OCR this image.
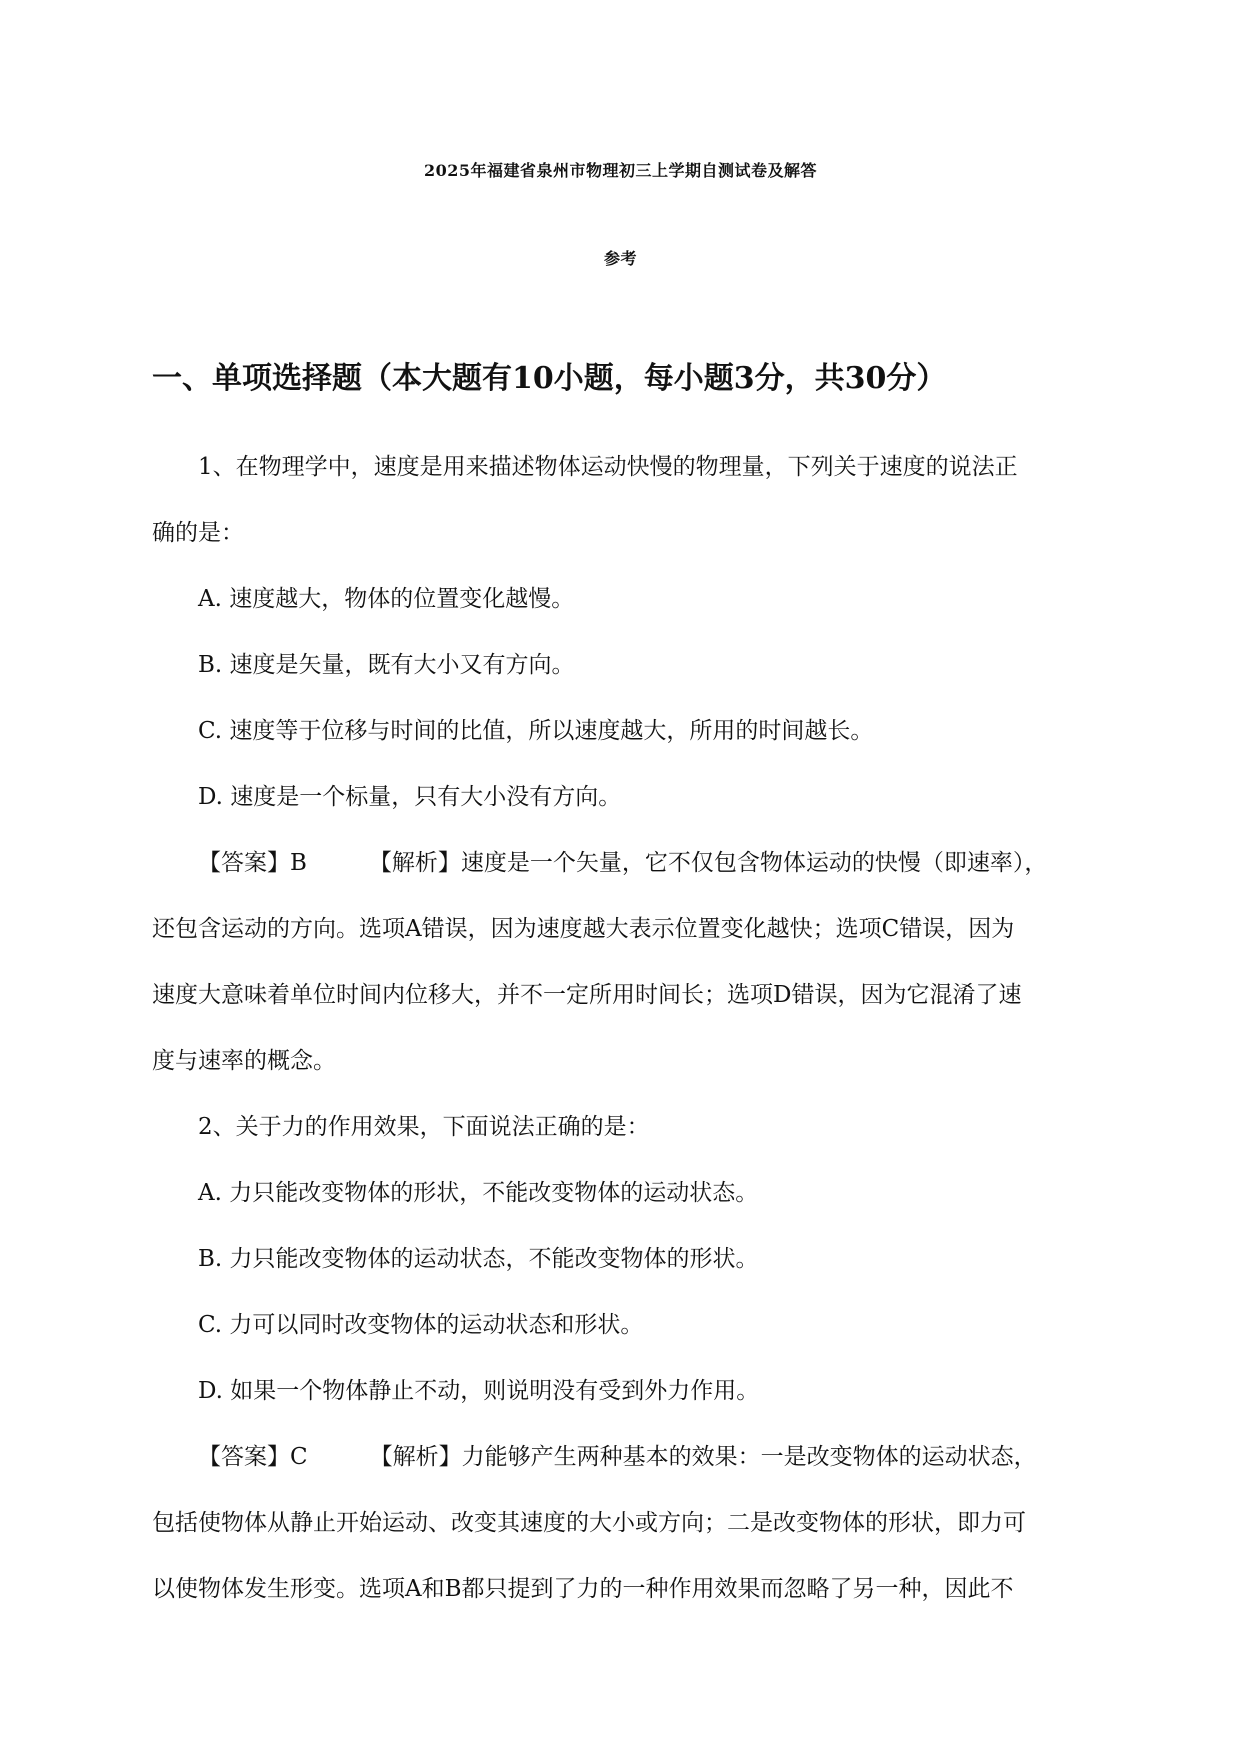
2025年福建省泉州市物理初三上学期自测试卷及解答
参考
一、单项选择题（本大题有10小题，每小题3分，共30分）

1、在物理学中，速度是用来描述物体运动快慢的物理量，下列关于速度的说法正

确的是：

A. 速度越大，物体的位置变化越慢。

B. 速度是矢量，既有大小又有方向。

C. 速度等于位移与时间的比值，所以速度越大，所用的时间越长。

D. 速度是一个标量，只有大小没有方向。

【答案】B	【解析】速度是一个矢量，它不仅包含物体运动的快慢（即速率），

还包含运动的方向。选项A错误，因为速度越大表示位置变化越快；选项C错误，因为

速度大意味着单位时间内位移大，并不一定所用时间长；选项D错误，因为它混淆了速

度与速率的概念。

2、关于力的作用效果，下面说法正确的是：

A. 力只能改变物体的形状，不能改变物体的运动状态。

B. 力只能改变物体的运动状态，不能改变物体的形状。

C. 力可以同时改变物体的运动状态和形状。

D. 如果一个物体静止不动，则说明没有受到外力作用。

【答案】C	【解析】力能够产生两种基本的效果：一是改变物体的运动状态，

包括使物体从静止开始运动、改变其速度的大小或方向；二是改变物体的形状，即力可

以使物体发生形变。选项A和B都只提到了力的一种作用效果而忽略了另一种，因此不
